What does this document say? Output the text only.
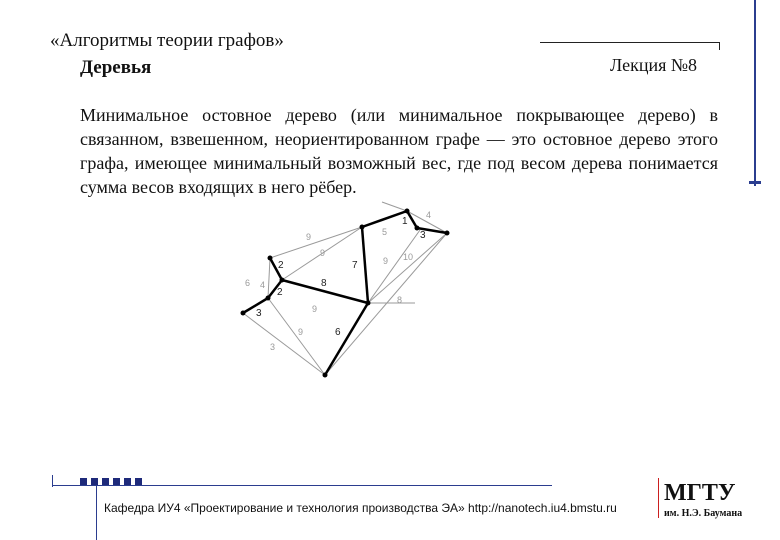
«Алгоритмы теории графов»
Деревья	Лекция №8

Минимальное остовное дерево (или минимальное покрывающее дерево) в связанном, взвешенном, неориентированном графе — это остовное дерево этого графа, имеющее минимальный возможный вес, где под весом дерева понимается сумма весов входящих в него рёбер.

1
3
2
2
3
8
7
6
4
5
9
9
9 10
6 4
9
8
9
3
Кафедра ИУ4 «Проектирование и технология производства ЭА» http://nanotech.iu4.bmstu.ru
МГТУ
им. Н.Э. Баумана
